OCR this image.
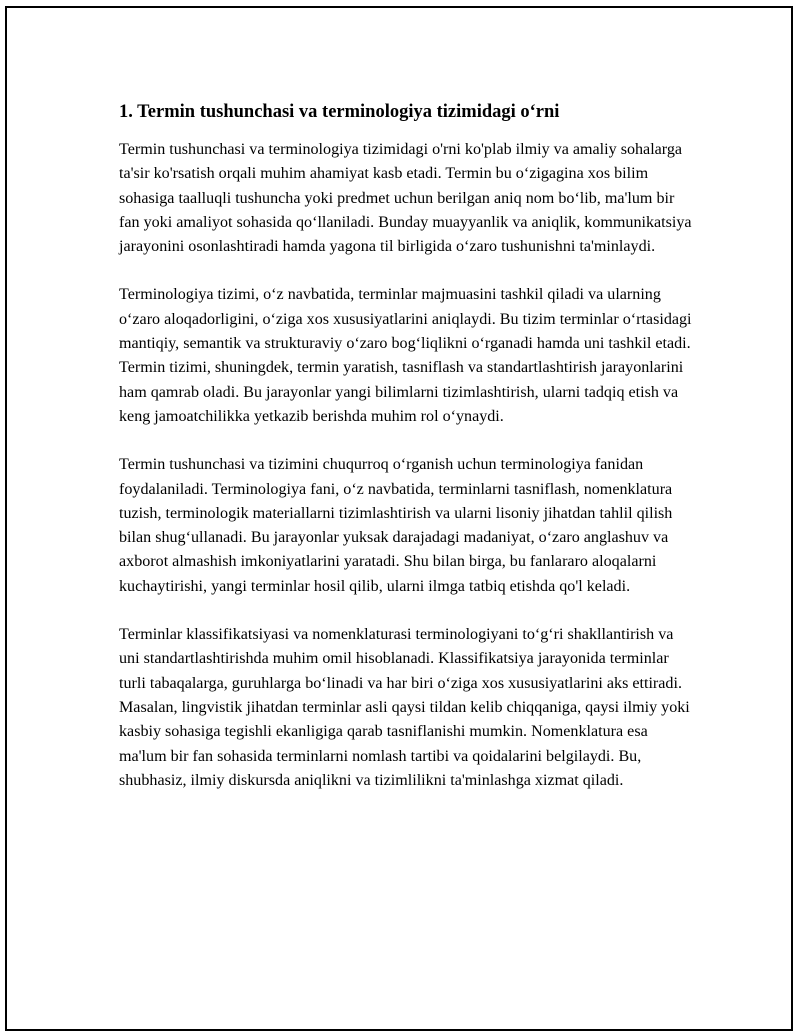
1. Termin tushunchasi va terminologiya tizimidagi o‘rni

Termin tushunchasi va terminologiya tizimidagi o'rni ko'plab ilmiy va amaliy sohalarga ta'sir ko'rsatish orqali muhim ahamiyat kasb etadi. Termin bu o‘zigagina xos bilim sohasiga taalluqli tushuncha yoki predmet uchun berilgan aniq nom bo‘lib, ma'lum bir fan yoki amaliyot sohasida qo‘llaniladi. Bunday muayyanlik va aniqlik, kommunikatsiya jarayonini osonlashtiradi hamda yagona til birligida o‘zaro tushunishni ta'minlaydi.

Terminologiya tizimi, o‘z navbatida, terminlar majmuasini tashkil qiladi va ularning o‘zaro aloqadorligini, o‘ziga xos xususiyatlarini aniqlaydi. Bu tizim terminlar o‘rtasidagi mantiqiy, semantik va strukturaviy o‘zaro bog‘liqlikni o‘rganadi hamda uni tashkil etadi. Termin tizimi, shuningdek, termin yaratish, tasniflash va standartlashtirish jarayonlarini ham qamrab oladi. Bu jarayonlar yangi bilimlarni tizimlashtirish, ularni tadqiq etish va keng jamoatchilikka yetkazib berishda muhim rol o‘ynaydi.

Termin tushunchasi va tizimini chuqurroq o‘rganish uchun terminologiya fanidan foydalaniladi. Terminologiya fani, o‘z navbatida, terminlarni tasniflash, nomenklatura tuzish, terminologik materiallarni tizimlashtirish va ularni lisoniy jihatdan tahlil qilish bilan shug‘ullanadi. Bu jarayonlar yuksak darajadagi madaniyat, o‘zaro anglashuv va axborot almashish imkoniyatlarini yaratadi. Shu bilan birga, bu fanlararo aloqalarni kuchaytirishi, yangi terminlar hosil qilib, ularni ilmga tatbiq etishda qo'l keladi.

Terminlar klassifikatsiyasi va nomenklaturasi terminologiyani to‘g‘ri shakllantirish va uni standartlashtirishda muhim omil hisoblanadi. Klassifikatsiya jarayonida terminlar turli tabaqalarga, guruhlarga bo‘linadi va har biri o‘ziga xos xususiyatlarini aks ettiradi. Masalan, lingvistik jihatdan terminlar asli qaysi tildan kelib chiqqaniga, qaysi ilmiy yoki kasbiy sohasiga tegishli ekanligiga qarab tasniflanishi mumkin. Nomenklatura esa ma'lum bir fan sohasida terminlarni nomlash tartibi va qoidalarini belgilaydi. Bu, shubhasiz, ilmiy diskursda aniqlikni va tizimlilikni ta'minlashga xizmat qiladi.
